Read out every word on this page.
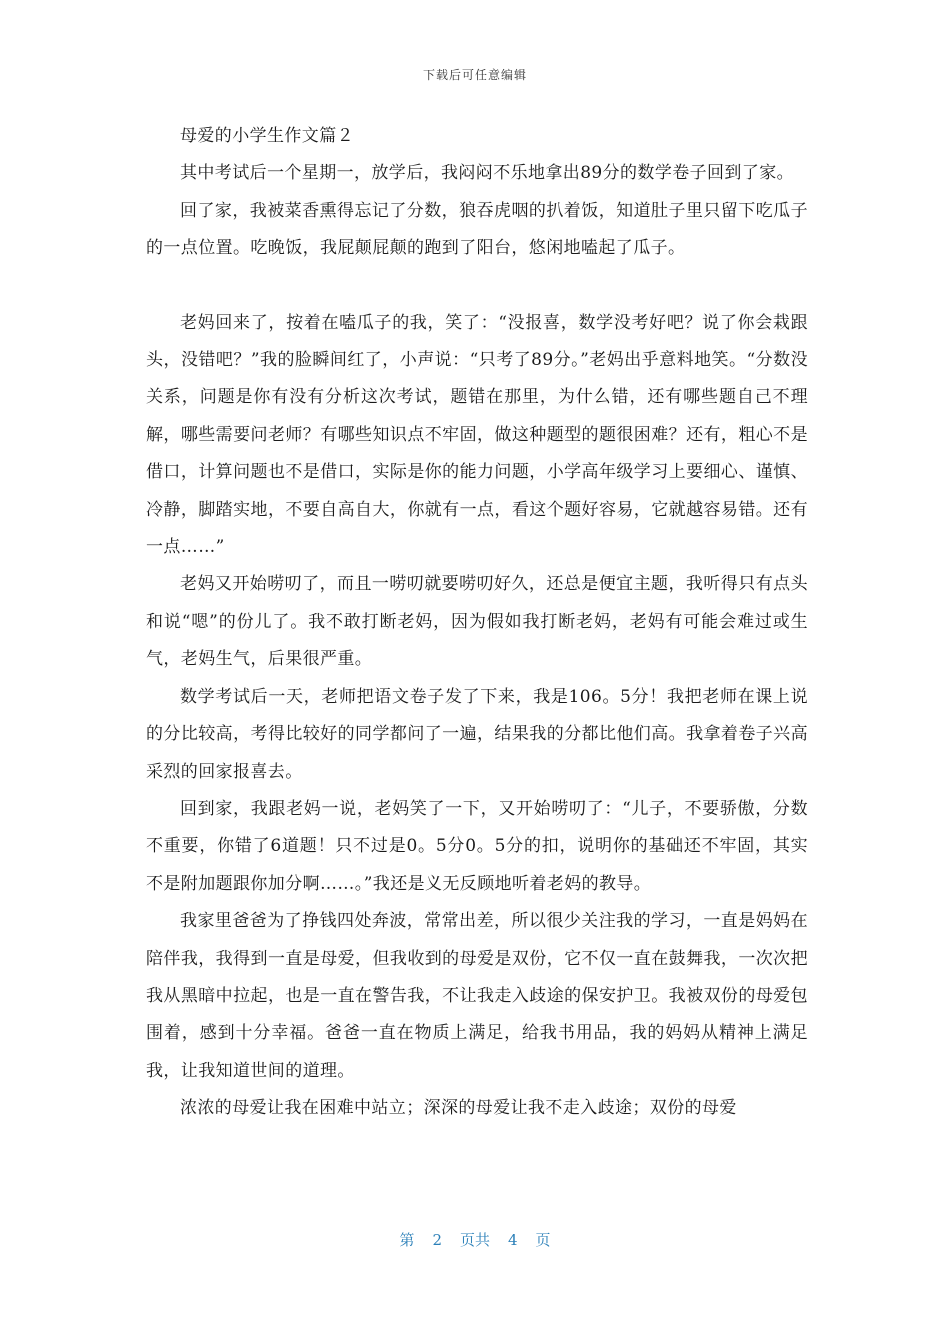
下载后可任意编辑

母爱的小学生作文篇２

其中考试后一个星期一，放学后，我闷闷不乐地拿出89分的数学卷子回到了家。

回了家，我被菜香熏得忘记了分数，狼吞虎咽的扒着饭，知道肚子里只留下吃瓜子的一点位置。吃晚饭，我屁颠屁颠的跑到了阳台，悠闲地嗑起了瓜子。

老妈回来了，按着在嗑瓜子的我，笑了：“没报喜，数学没考好吧？说了你会栽跟头，没错吧？”我的脸瞬间红了，小声说：“只考了89分。”老妈出乎意料地笑。“分数没关系，问题是你有没有分析这次考试，题错在那里，为什么错，还有哪些题自己不理解，哪些需要问老师？有哪些知识点不牢固，做这种题型的题很困难？还有，粗心不是借口，计算问题也不是借口，实际是你的能力问题，小学高年级学习上要细心、谨慎、冷静，脚踏实地，不要自高自大，你就有一点，看这个题好容易，它就越容易错。还有一点……”

老妈又开始唠叨了，而且一唠叨就要唠叨好久，还总是便宜主题，我听得只有点头和说“嗯”的份儿了。我不敢打断老妈，因为假如我打断老妈，老妈有可能会难过或生气，老妈生气，后果很严重。

数学考试后一天，老师把语文卷子发了下来，我是106。5分！我把老师在课上说的分比较高，考得比较好的同学都问了一遍，结果我的分都比他们高。我拿着卷子兴高采烈的回家报喜去。

回到家，我跟老妈一说，老妈笑了一下，又开始唠叨了：“儿子，不要骄傲，分数不重要，你错了6道题！只不过是0。5分0。5分的扣，说明你的基础还不牢固，其实不是附加题跟你加分啊……。”我还是义无反顾地听着老妈的教导。

我家里爸爸为了挣钱四处奔波，常常出差，所以很少关注我的学习，一直是妈妈在陪伴我，我得到一直是母爱，但我收到的母爱是双份，它不仅一直在鼓舞我，一次次把我从黑暗中拉起，也是一直在警告我，不让我走入歧途的保安护卫。我被双份的母爱包围着，感到十分幸福。爸爸一直在物质上满足，给我书用品，我的妈妈从精神上满足我，让我知道世间的道理。

浓浓的母爱让我在困难中站立；深深的母爱让我不走入歧途；双份的母爱

第 2 页共 4 页
